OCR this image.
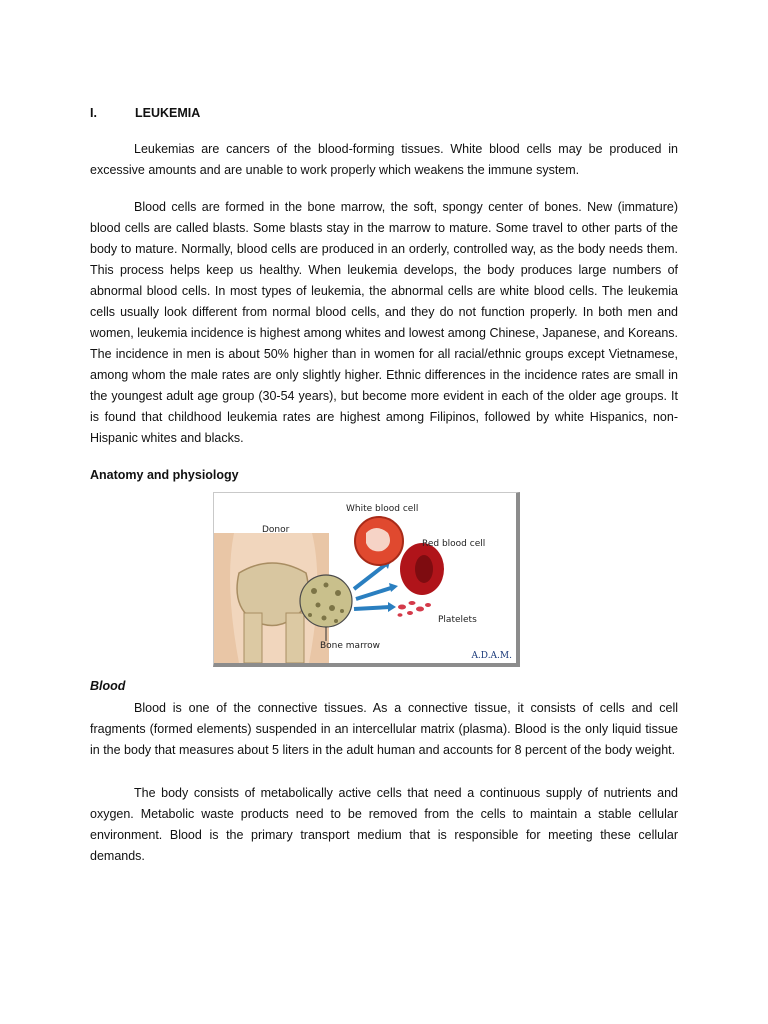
I.	LEUKEMIA

Leukemias are cancers of the blood-forming tissues. White blood cells may be produced in excessive amounts and are unable to work properly which weakens the immune system.

Blood cells are formed in the bone marrow, the soft, spongy center of bones. New (immature) blood cells are called blasts. Some blasts stay in the marrow to mature. Some travel to other parts of the body to mature. Normally, blood cells are produced in an orderly, controlled way, as the body needs them. This process helps keep us healthy. When leukemia develops, the body produces large numbers of abnormal blood cells. In most types of leukemia, the abnormal cells are white blood cells. The leukemia cells usually look different from normal blood cells, and they do not function properly. In both men and women, leukemia incidence is highest among whites and lowest among Chinese, Japanese, and Koreans. The incidence in men is about 50% higher than in women for all racial/ethnic groups except Vietnamese, among whom the male rates are only slightly higher. Ethnic differences in the incidence rates are small in the youngest adult age group (30-54 years), but become more evident in each of the older age groups. It is found that childhood leukemia rates are highest among Filipinos, followed by white Hispanics, non-Hispanic whites and blacks.

Anatomy and physiology
Donor
White blood cell
Red blood cell
Platelets
Bone marrow
A.D.A.M.
Blood

Blood is one of the connective tissues. As a connective tissue, it consists of cells and cell fragments (formed elements) suspended in an intercellular matrix (plasma). Blood is the only liquid tissue in the body that measures about 5 liters in the adult human and accounts for 8 percent of the body weight.

The body consists of metabolically active cells that need a continuous supply of nutrients and oxygen. Metabolic waste products need to be removed from the cells to maintain a stable cellular environment. Blood is the primary transport medium that is responsible for meeting these cellular demands.
